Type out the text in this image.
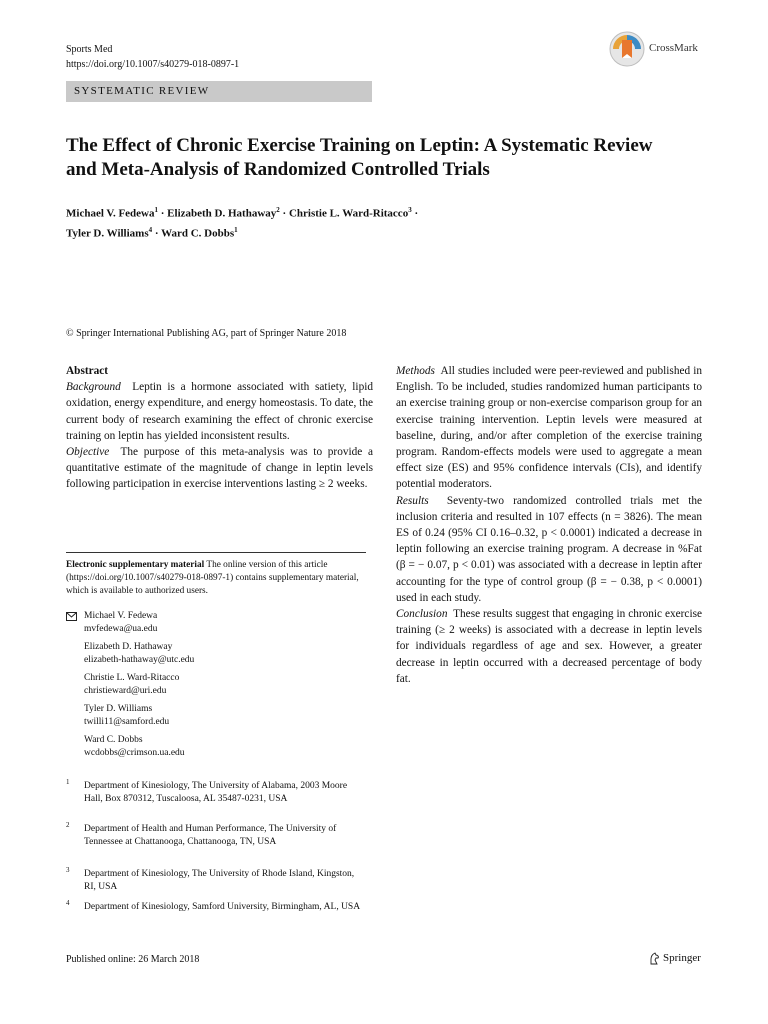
Sports Med
https://doi.org/10.1007/s40279-018-0897-1
CrossMark
SYSTEMATIC REVIEW
The Effect of Chronic Exercise Training on Leptin: A Systematic Review and Meta-Analysis of Randomized Controlled Trials
Michael V. Fedewa$^1$ · Elizabeth D. Hathaway$^2$ · Christie L. Ward-Ritacco$^3$ ·
Tyler D. Williams$^4$ · Ward C. Dobbs$^1$
© Springer International Publishing AG, part of Springer Nature 2018
Abstract

Background Leptin is a hormone associated with satiety, lipid oxidation, energy expenditure, and energy homeostasis. To date, the current body of research examining the effect of chronic exercise training on leptin has yielded inconsistent results.

Objective The purpose of this meta-analysis was to provide a quantitative estimate of the magnitude of change in leptin levels following participation in exercise interventions lasting ≥ 2 weeks.

Methods All studies included were peer-reviewed and published in English. To be included, studies randomized human participants to an exercise training group or non-exercise comparison group for an exercise training intervention. Leptin levels were measured at baseline, during, and/or after completion of the exercise training program. Random-effects models were used to aggregate a mean effect size (ES) and 95% confidence intervals (CIs), and identify potential moderators.

Results Seventy-two randomized controlled trials met the inclusion criteria and resulted in 107 effects (n = 3826). The mean ES of 0.24 (95% CI 0.16–0.32, p < 0.0001) indicated a decrease in leptin following an exercise training program. A decrease in %Fat (β = − 0.07, p < 0.01) was associated with a decrease in leptin after accounting for the type of control group (β = − 0.38, p < 0.0001) used in each study.

Conclusion These results suggest that engaging in chronic exercise training (≥ 2 weeks) is associated with a decrease in leptin levels for individuals regardless of age and sex. However, a greater decrease in leptin occurred with a decreased percentage of body fat.

Electronic supplementary material The online version of this article (https://doi.org/10.1007/s40279-018-0897-1) contains supplementary material, which is available to authorized users.
Michael V. Fedewa
mvfedewa@ua.edu
Elizabeth D. Hathaway
elizabeth-hathaway@utc.edu
Christie L. Ward-Ritacco
christieward@uri.edu
Tyler D. Williams
twilli11@samford.edu
Ward C. Dobbs
wcdobbs@crimson.ua.edu
1 Department of Kinesiology, The University of Alabama, 2003 Moore Hall, Box 870312, Tuscaloosa, AL 35487-0231, USA
2 Department of Health and Human Performance, The University of Tennessee at Chattanooga, Chattanooga, TN, USA
3 Department of Kinesiology, The University of Rhode Island, Kingston, RI, USA
4 Department of Kinesiology, Samford University, Birmingham, AL, USA
Published online: 26 March 2018	Springer
